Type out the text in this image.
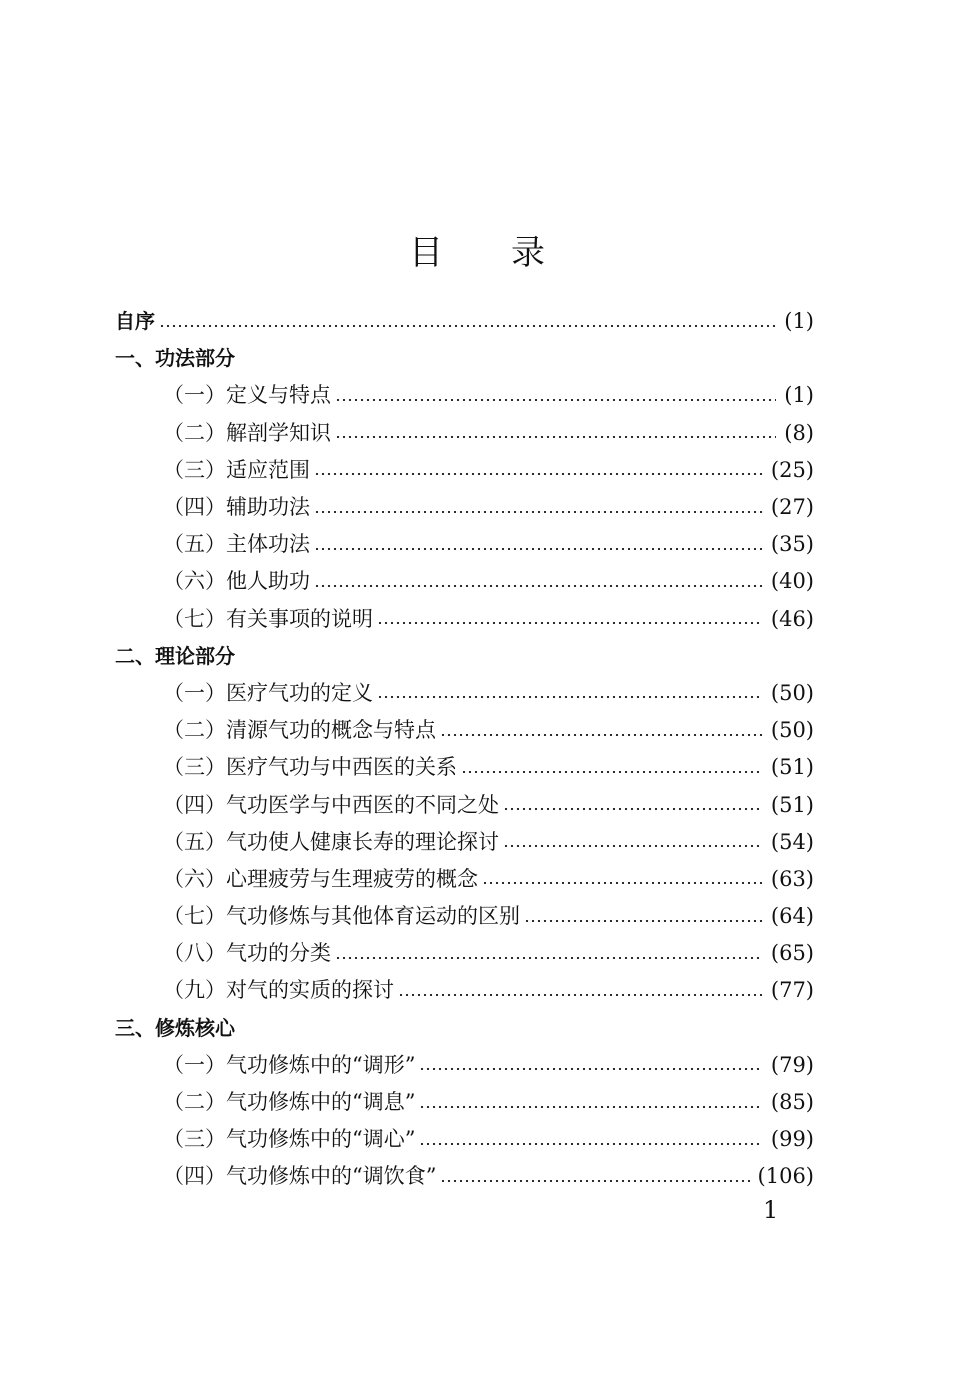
目录
自序	(1)
一、功法部分
（一）定义与特点	(1)
（二）解剖学知识	(8)
（三）适应范围	(25)
（四）辅助功法	(27)
（五）主体功法	(35)
（六）他人助功	(40)
（七）有关事项的说明	(46)
二、理论部分
（一）医疗气功的定义	(50)
（二）清源气功的概念与特点	(50)
（三）医疗气功与中西医的关系	(51)
（四）气功医学与中西医的不同之处	(51)
（五）气功使人健康长寿的理论探讨	(54)
（六）心理疲劳与生理疲劳的概念	(63)
（七）气功修炼与其他体育运动的区别	(64)
（八）气功的分类	(65)
（九）对气的实质的探讨	(77)
三、修炼核心
（一）气功修炼中的“调形”	(79)
（二）气功修炼中的“调息”	(85)
（三）气功修炼中的“调心”	(99)
（四）气功修炼中的“调饮食”	(106)
1
